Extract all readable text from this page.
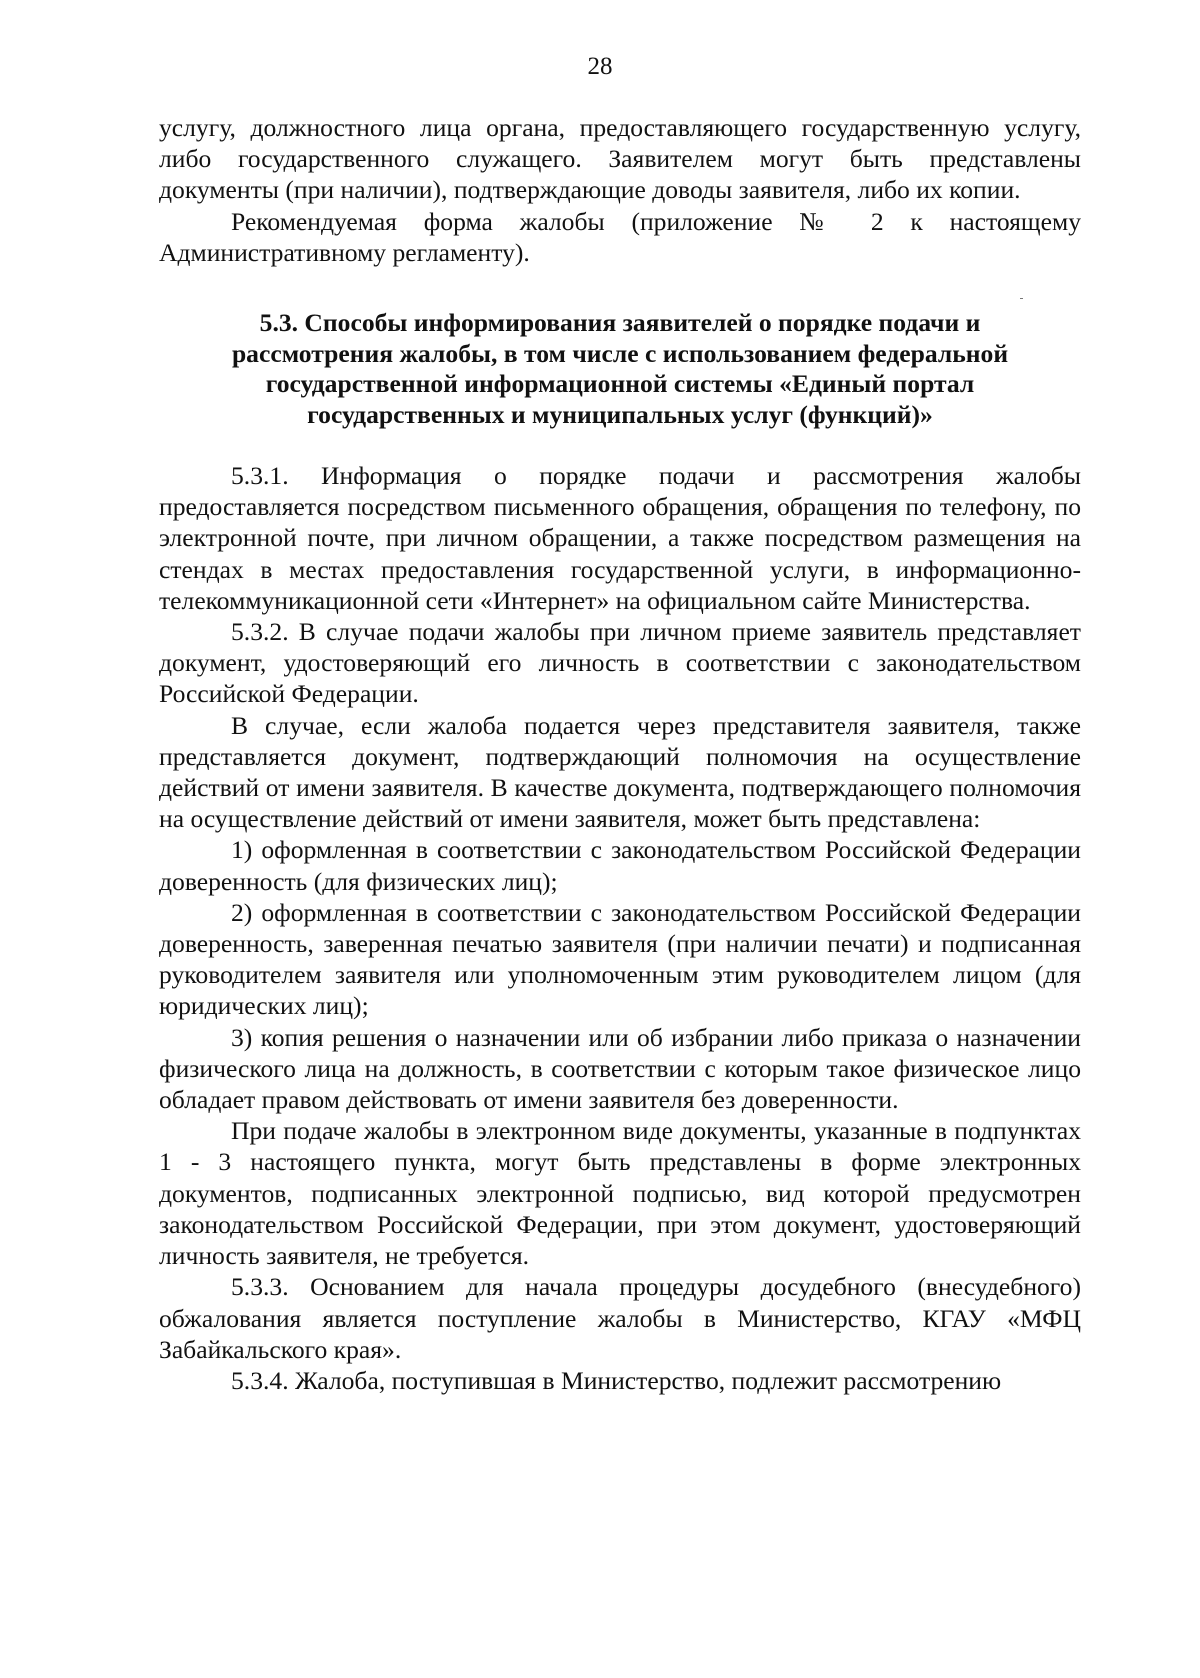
28

услугу, должностного лица органа, предоставляющего государственную услугу, либо государственного служащего. Заявителем могут быть представлены документы (при наличии), подтверждающие доводы заявителя, либо их копии.

Рекомендуемая форма жалобы (приложение № 2 к настоящему Административному регламенту).

5.3. Способы информирования заявителей о порядке подачи и
рассмотрения жалобы, в том числе с использованием федеральной
государственной информационной системы «Единый портал
государственных и муниципальных услуг (функций)»

5.3.1. Информация о порядке подачи и рассмотрения жалобы предоставляется посредством письменного обращения, обращения по телефону, по электронной почте, при личном обращении, а также посредством размещения на стендах в местах предоставления государственной услуги, в информационно-телекоммуникационной сети «Интернет» на официальном сайте Министерства.

5.3.2. В случае подачи жалобы при личном приеме заявитель представляет документ, удостоверяющий его личность в соответствии с законодательством Российской Федерации.

В случае, если жалоба подается через представителя заявителя, также представляется документ, подтверждающий полномочия на осуществление действий от имени заявителя. В качестве документа, подтверждающего полномочия на осуществление действий от имени заявителя, может быть представлена:

1) оформленная в соответствии с законодательством Российской Федерации доверенность (для физических лиц);

2) оформленная в соответствии с законодательством Российской Федерации доверенность, заверенная печатью заявителя (при наличии печати) и подписанная руководителем заявителя или уполномоченным этим руководителем лицом (для юридических лиц);

3) копия решения о назначении или об избрании либо приказа о назначении физического лица на должность, в соответствии с которым такое физическое лицо обладает правом действовать от имени заявителя без доверенности.

При подаче жалобы в электронном виде документы, указанные в подпунктах 1 - 3 настоящего пункта, могут быть представлены в форме электронных документов, подписанных электронной подписью, вид которой предусмотрен законодательством Российской Федерации, при этом документ, удостоверяющий личность заявителя, не требуется.

5.3.3. Основанием для начала процедуры досудебного (внесудебного) обжалования является поступление жалобы в Министерство, КГАУ «МФЦ Забайкальского края».

5.3.4. Жалоба, поступившая в Министерство, подлежит рассмотрению
